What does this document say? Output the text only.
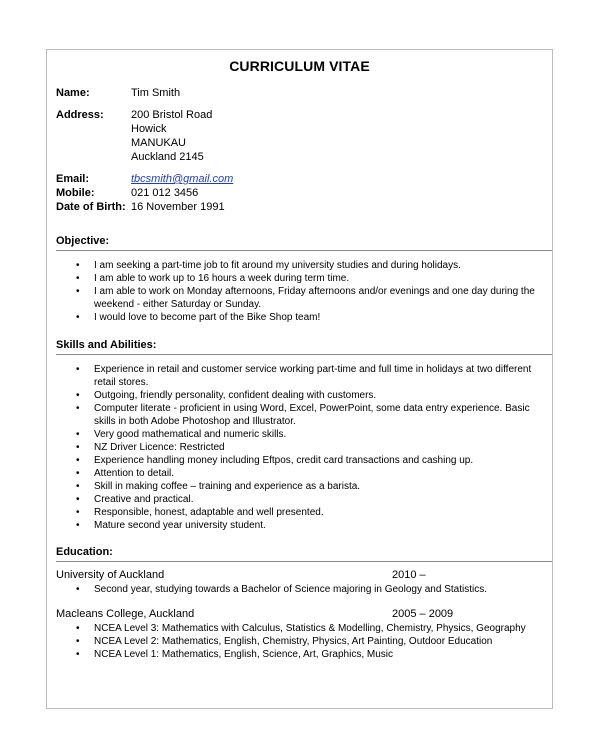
CURRICULUM VITAE
Name:	Tim Smith
Address: 200 Bristol Road
Howick
MANUKAU
Auckland 2145
Email:	tbcsmith@gmail.com
Mobile:	021 012 3456
Date of Birth: 16 November 1991
Objective:
• I am seeking a part-time job to fit around my university studies and during holidays.
• I am able to work up to 16 hours a week during term time.
• I am able to work on Monday afternoons, Friday afternoons and/or evenings and one day during the weekend - either Saturday or Sunday.
• I would love to become part of the Bike Shop team!
Skills and Abilities:
• Experience in retail and customer service working part-time and full time in holidays at two different retail stores.
• Outgoing, friendly personality, confident dealing with customers.
• Computer literate - proficient in using Word, Excel, PowerPoint, some data entry experience. Basic skills in both Adobe Photoshop and Illustrator.
• Very good mathematical and numeric skills.
• NZ Driver Licence: Restricted
• Experience handling money including Eftpos, credit card transactions and cashing up.
• Attention to detail.
• Skill in making coffee – training and experience as a barista.
• Creative and practical.
• Responsible, honest, adaptable and well presented.
• Mature second year university student.
Education:
University of Auckland	2010 –
• Second year, studying towards a Bachelor of Science majoring in Geology and Statistics.
Macleans College, Auckland	2005 – 2009
• NCEA Level 3: Mathematics with Calculus, Statistics & Modelling, Chemistry, Physics, Geography
• NCEA Level 2: Mathematics, English, Chemistry, Physics, Art Painting, Outdoor Education
• NCEA Level 1: Mathematics, English, Science, Art, Graphics, Music
